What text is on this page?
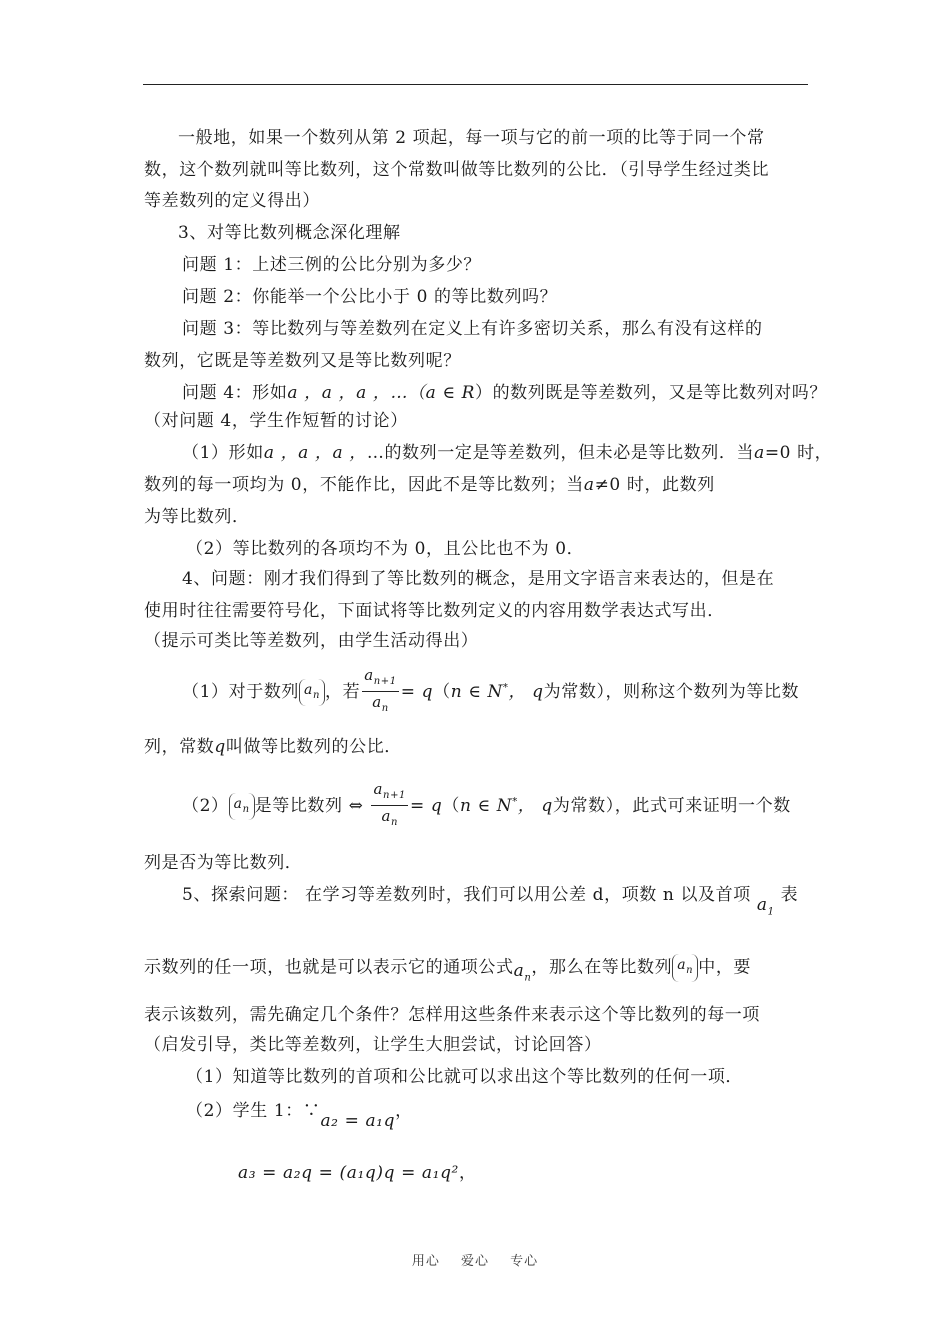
一般地，如果一个数列从第 2 项起，每一项与它的前一项的比等于同一个常
数，这个数列就叫等比数列，这个常数叫做等比数列的公比．（引导学生经过类比
等差数列的定义得出）
3、对等比数列概念深化理解
问题 1：上述三例的公比分别为多少？
问题 2：你能举一个公比小于 0 的等比数列吗？
问题 3：等比数列与等差数列在定义上有许多密切关系，那么有没有这样的
数列，它既是等差数列又是等比数列呢？
问题 4：形如a ，a ，a ，…（a ∈ R）的数列既是等差数列，又是等比数列对吗？
（对问题 4，学生作短暂的讨论）
（1）形如a ，a ，a ，…的数列一定是等差数列，但未必是等比数列．当a=0 时，
数列的每一项均为 0，不能作比，因此不是等比数列；当a≠0 时，此数列
为等比数列．
（2）等比数列的各项均不为 0，且公比也不为 0．
4、问题：刚才我们得到了等比数列的概念，是用文字语言来表达的，但是在
使用时往往需要符号化，下面试将等比数列定义的内容用数学表达式写出．
（提示可类比等差数列，由学生活动得出）
（1）对于数列 $a_n$ ，若 $\frac{a_{n+1}}{a_n} = q(n$ ∈ N*， q为常数），则称这个数列为等比数
列，常数q叫做等比数列的公比．
（2） $a_n$ 是等比数列 ⇔ $\frac{a_{n+1}}{a_n} = q(n$ ∈ N*， q为常数），此式可来证明一个数
列是否为等比数列．
5、探索问题： 在学习等差数列时，我们可以用公差 d，项数 n 以及首项 $a_1$表
示数列的任一项，也就是可以表示它的通项公式$a_n$，那么在等比数列 $a_n$ 中，要
表示该数列，需先确定几个条件？怎样用这些条件来表示这个等比数列的每一项
（启发引导，类比等差数列，让学生大胆尝试，讨论回答）
（1）知道等比数列的首项和公比就可以求出这个等比数列的任何一项．
（2）学生 1：∵a₂ = a₁q，
a₃ = a₂q = (a₁q)q = a₁q²，
用心 爱心 专心
